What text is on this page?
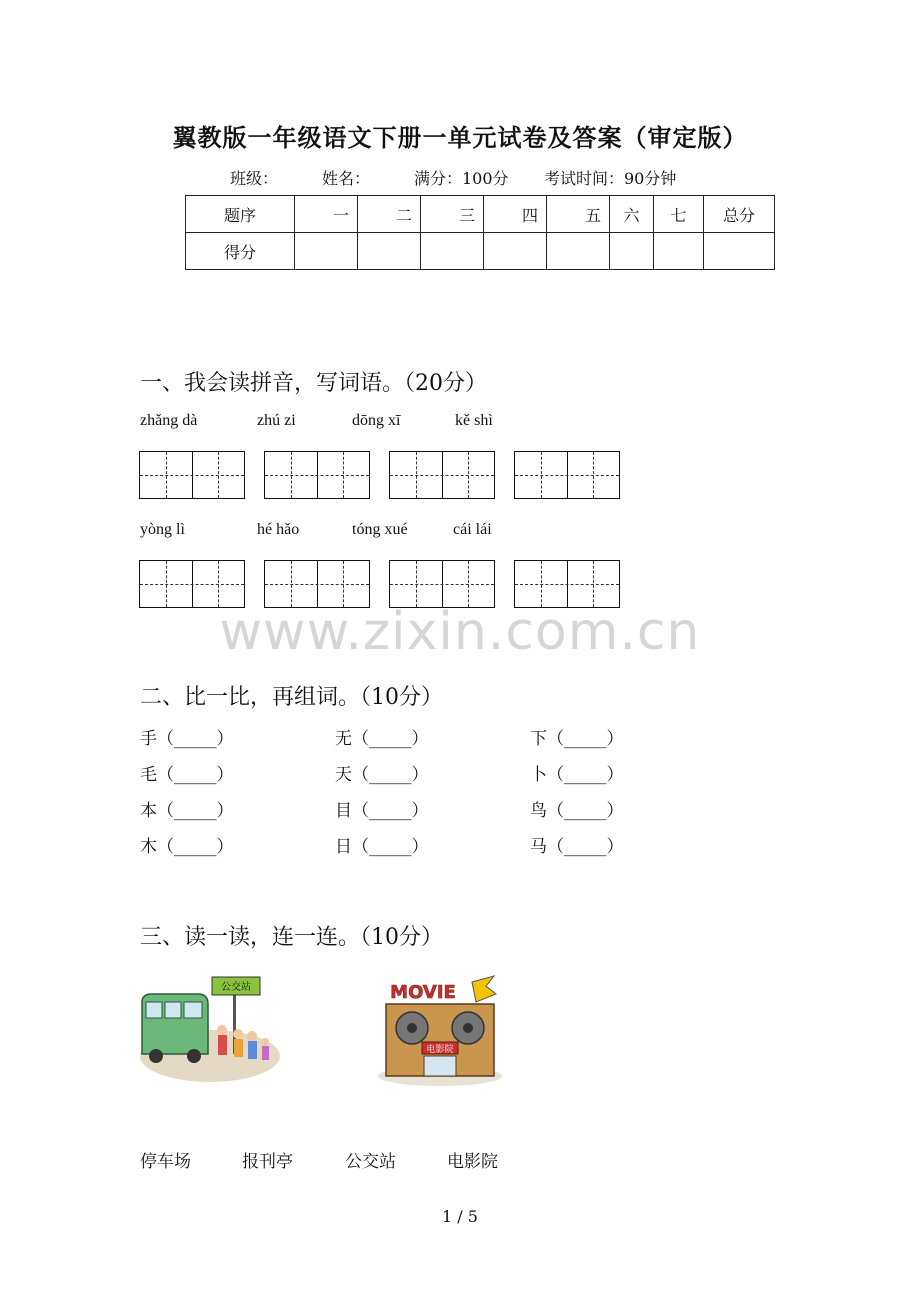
翼教版一年级语文下册一单元试卷及答案（审定版）
班级：	姓名：	满分：100分 考试时间：90分钟
题序	一	二	三	四	五	六	七	总分
得分								
一、我会读拼音，写词语。（20分）
zhǎng dà	zhú zi	dōng xī	kě shì
yòng lì	hé hǎo	tóng xué	cái lái
www.zixin.com.cn
二、比一比，再组词。（10分）
手（_____）	无（_____）	下（_____）
毛（_____）	天（_____）	卜（_____）
本（_____）	目（_____）	鸟（_____）
木（_____）	日（_____）	马（_____）
三、读一读，连一连。（10分）
公交站	MOVIE
电影院
停车场	报刊亭	公交站	电影院
1 / 5
